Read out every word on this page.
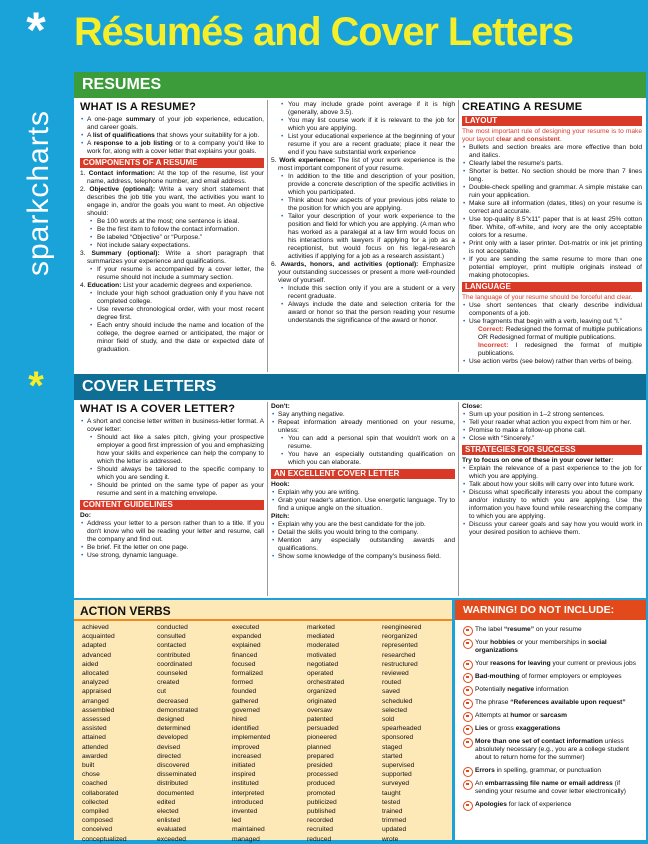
*
sparkcharts
*
Résumés and Cover Letters
RESUMES
WHAT IS A RESUME?
• A one-page summary of your job experience, education, and career goals.
• A list of qualifications that shows your suitability for a job.
• A response to a job listing or to a company you'd like to work for, along with a cover letter that explains your goals.
COMPONENTS OF A RESUME

1. Contact information: At the top of the resume, list your name, address, telephone number, and email address.

2. Objective (optional): Write a very short statement that describes the job title you want, the activities you want to engage in, and/or the goals you want to meet. An objective should:

• Be 100 words at the most; one sentence is ideal.
• Be the first item to follow the contact information.
• Be labeled “Objective” or “Purpose.”
• Not include salary expectations.

3. Summary (optional): Write a short paragraph that summarizes your experience and qualifications.

• If your resume is accompanied by a cover letter, the resume should not include a summary section.

4. Education: List your academic degrees and experience.

• Include your high school graduation only if you have not completed college.
• Use reverse chronological order, with your most recent degree first.
• Each entry should include the name and location of the college, the degree earned or anticipated, the major or minor field of study, and the date or expected date of graduation.
• You may include grade point average if it is high (generally, above 3.5).
• You may list course work if it is relevant to the job for which you are applying.
• List your educational experience at the beginning of your resume if you are a recent graduate; place it near the end if you have substantial work experience

5. Work experience: The list of your work experience is the most important component of your resume.

• In addition to the title and description of your position, provide a concrete description of the specific activities in which you participated.
• Think about how aspects of your previous jobs relate to the position for which you are applying.
• Tailor your description of your work experience to the position and field for which you are applying. (A man who has worked as a paralegal at a law firm would focus on his interactions with lawyers if applying for a job as a receptionist, but would focus on his legal-research activities if applying for a job as a research assistant.)

6. Awards, honors, and activities (optional): Emphasize your outstanding successes or present a more well-rounded view of yourself.

• Include this section only if you are a student or a very recent graduate.
• Always include the date and selection criteria for the award or honor so that the person reading your resume understands the significance of the award or honor.
CREATING A RESUME
LAYOUT

The most important rule of designing your resume is to make your layout clear and consistent.

• Bullets and section breaks are more effective than bold and italics.
• Clearly label the resume's parts.
• Shorter is better. No section should be more than 7 lines long.
• Double-check spelling and grammar. A simple mistake can ruin your application.
• Make sure all information (dates, titles) on your resume is correct and accurate.
• Use top-quality 8.5"x11" paper that is at least 25% cotton fiber. White, off-white, and ivory are the only acceptable colors for a resume.
• Print only with a laser printer. Dot-matrix or ink jet printing is not acceptable.
• If you are sending the same resume to more than one potential employer, print multiple originals instead of making photocopies.
LANGUAGE

The language of your resume should be forceful and clear.

• Use short sentences that clearly describe individual components of a job.
• Use fragments that begin with a verb, leaving out “I.”

Correct: Redesigned the format of multiple publications OR Redesigned format of multiple publications.

Incorrect: I redesigned the format of multiple publications.

• Use action verbs (see below) rather than verbs of being.
COVER LETTERS
WHAT IS A COVER LETTER?
• A short and concise letter written in business-letter format. A cover letter:
• Should act like a sales pitch, giving your prospective employer a good first impression of you and emphasizing how your skills and experience can help the company to which the letter is addressed.
• Should always be tailored to the specific company to which you are sending it.
• Should be printed on the same type of paper as your resume and sent in a matching envelope.
CONTENT GUIDELINES

Do:

• Address your letter to a person rather than to a title. If you don't know who will be reading your letter and resume, call the company and find out.
• Be brief. Fit the letter on one page.
• Use strong, dynamic language.

Don't:

• Say anything negative.
• Repeat information already mentioned on your resume, unless:
• You can add a personal spin that wouldn't work on a resume.
• You have an especially outstanding qualification on which you can elaborate.
AN EXCELLENT COVER LETTER

Hook:

• Explain why you are writing.
• Grab your reader's attention. Use energetic language. Try to find a unique angle on the situation.

Pitch:

• Explain why you are the best candidate for the job.
• Detail the skills you would bring to the company.
• Mention any especially outstanding awards and qualifications.
• Show some knowledge of the company's business field.

Close:

• Sum up your position in 1–2 strong sentences.
• Tell your reader what action you expect from him or her.
• Promise to make a follow-up phone call.
• Close with “Sincerely.”
STRATEGIES FOR SUCCESS

Try to focus on one of these in your cover letter:

• Explain the relevance of a past experience to the job for which you are applying.
• Talk about how your skills will carry over into future work.
• Discuss what specifically interests you about the company and/or industry to which you are applying. Use the information you have found while researching the company to which you are applying.
• Discuss your career goals and say how you would work in your desired position to achieve them.
ACTION VERBS
achieved
acquainted
adapted
advanced
aided
allocated
analyzed
appraised
arranged
assembled
assessed
assisted
attained
attended
awarded
built
chose
coached
collaborated
collected
compiled
composed
conceived
conceptualized
conducted
consulted
contacted
contributed
coordinated
counseled
created
cut
decreased
demonstrated
designed
determined
developed
devised
directed
discovered
disseminated
distributed
documented
edited
elected
enlisted
evaluated
exceeded
executed
expanded
explained
financed
focused
formalized
formed
founded
gathered
governed
hired
identified
implemented
improved
increased
initiated
inspired
instituted
interpreted
introduced
invented
led
maintained
managed
marketed
mediated
moderated
motivated
negotiated
operated
orchestrated
organized
originated
oversaw
patented
persuaded
pioneered
planned
prepared
presided
processed
produced
promoted
publicized
published
recorded
recruited
reduced
reengineered
reorganized
represented
researched
restructured
reviewed
routed
saved
scheduled
selected
sold
spearheaded
sponsored
staged
started
supervised
supported
surveyed
taught
tested
trained
trimmed
updated
wrote
WARNING! DO NOT INCLUDE:
The label “resume” on your resume
Your hobbies or your memberships in social organizations
Your reasons for leaving your current or previous jobs
Bad-mouthing of former employers or employees
Potentially negative information
The phrase “References available upon request”
Attempts at humor or sarcasm
Lies or gross exaggerations
More than one set of contact information unless absolutely necessary (e.g., you are a college student about to return home for the summer)
Errors in spelling, grammar, or punctuation
An embarrassing file name or email address (if sending your resume and cover letter electronically)
Apologies for lack of experience
